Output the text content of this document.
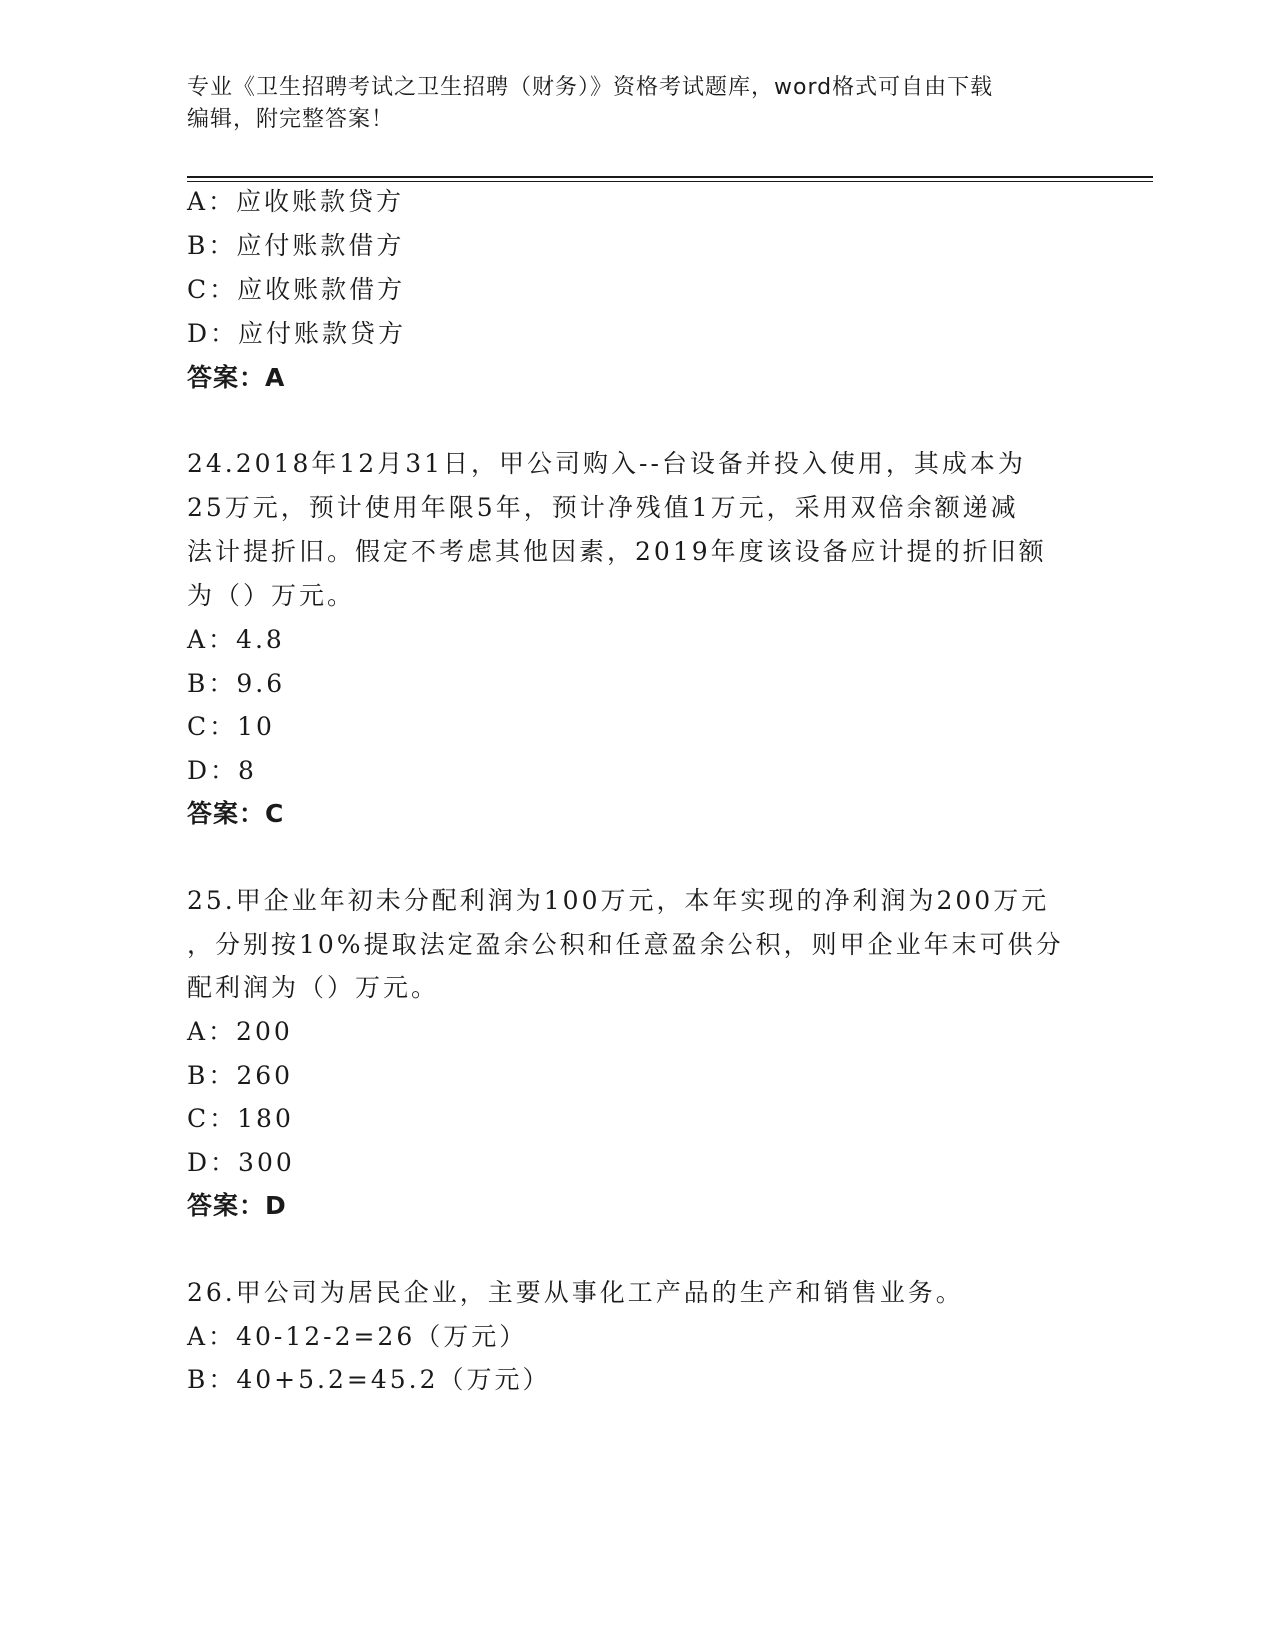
专业《卫生招聘考试之卫生招聘（财务）》资格考试题库，word格式可自由下载
编辑，附完整答案！
A：应收账款贷方
B：应付账款借方
C：应收账款借方
D：应付账款贷方
答案：A
24.2018年12月31日，甲公司购入--台设备并投入使用，其成本为
25万元，预计使用年限5年，预计净残值1万元，采用双倍余额递减
法计提折旧。假定不考虑其他因素，2019年度该设备应计提的折旧额
为（）万元。
A：4.8
B：9.6
C：10
D：8
答案：C
25.甲企业年初未分配利润为100万元，本年实现的净利润为200万元
，分别按10%提取法定盈余公积和任意盈余公积，则甲企业年末可供分
配利润为（）万元。
A：200
B：260
C：180
D：300
答案：D
26.甲公司为居民企业，主要从事化工产品的生产和销售业务。
A：40-12-2=26（万元）
B：40+5.2=45.2（万元）
